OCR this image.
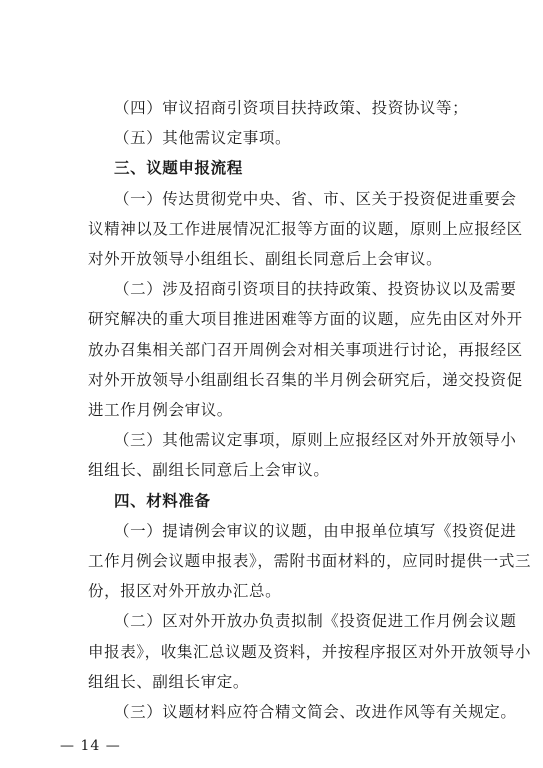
（四）审议招商引资项目扶持政策、投资协议等；
（五）其他需议定事项。
三、议题申报流程
（一）传达贯彻党中央、省、市、区关于投资促进重要会
议精神以及工作进展情况汇报等方面的议题，原则上应报经区
对外开放领导小组组长、副组长同意后上会审议。
（二）涉及招商引资项目的扶持政策、投资协议以及需要
研究解决的重大项目推进困难等方面的议题，应先由区对外开
放办召集相关部门召开周例会对相关事项进行讨论，再报经区
对外开放领导小组副组长召集的半月例会研究后，递交投资促
进工作月例会审议。
（三）其他需议定事项，原则上应报经区对外开放领导小
组组长、副组长同意后上会审议。
四、材料准备
（一）提请例会审议的议题，由申报单位填写《投资促进
工作月例会议题申报表》，需附书面材料的，应同时提供一式三
份，报区对外开放办汇总。
（二）区对外开放办负责拟制《投资促进工作月例会议题
申报表》，收集汇总议题及资料，并按程序报区对外开放领导小
组组长、副组长审定。
（三）议题材料应符合精文简会、改进作风等有关规定。
— 14 —
